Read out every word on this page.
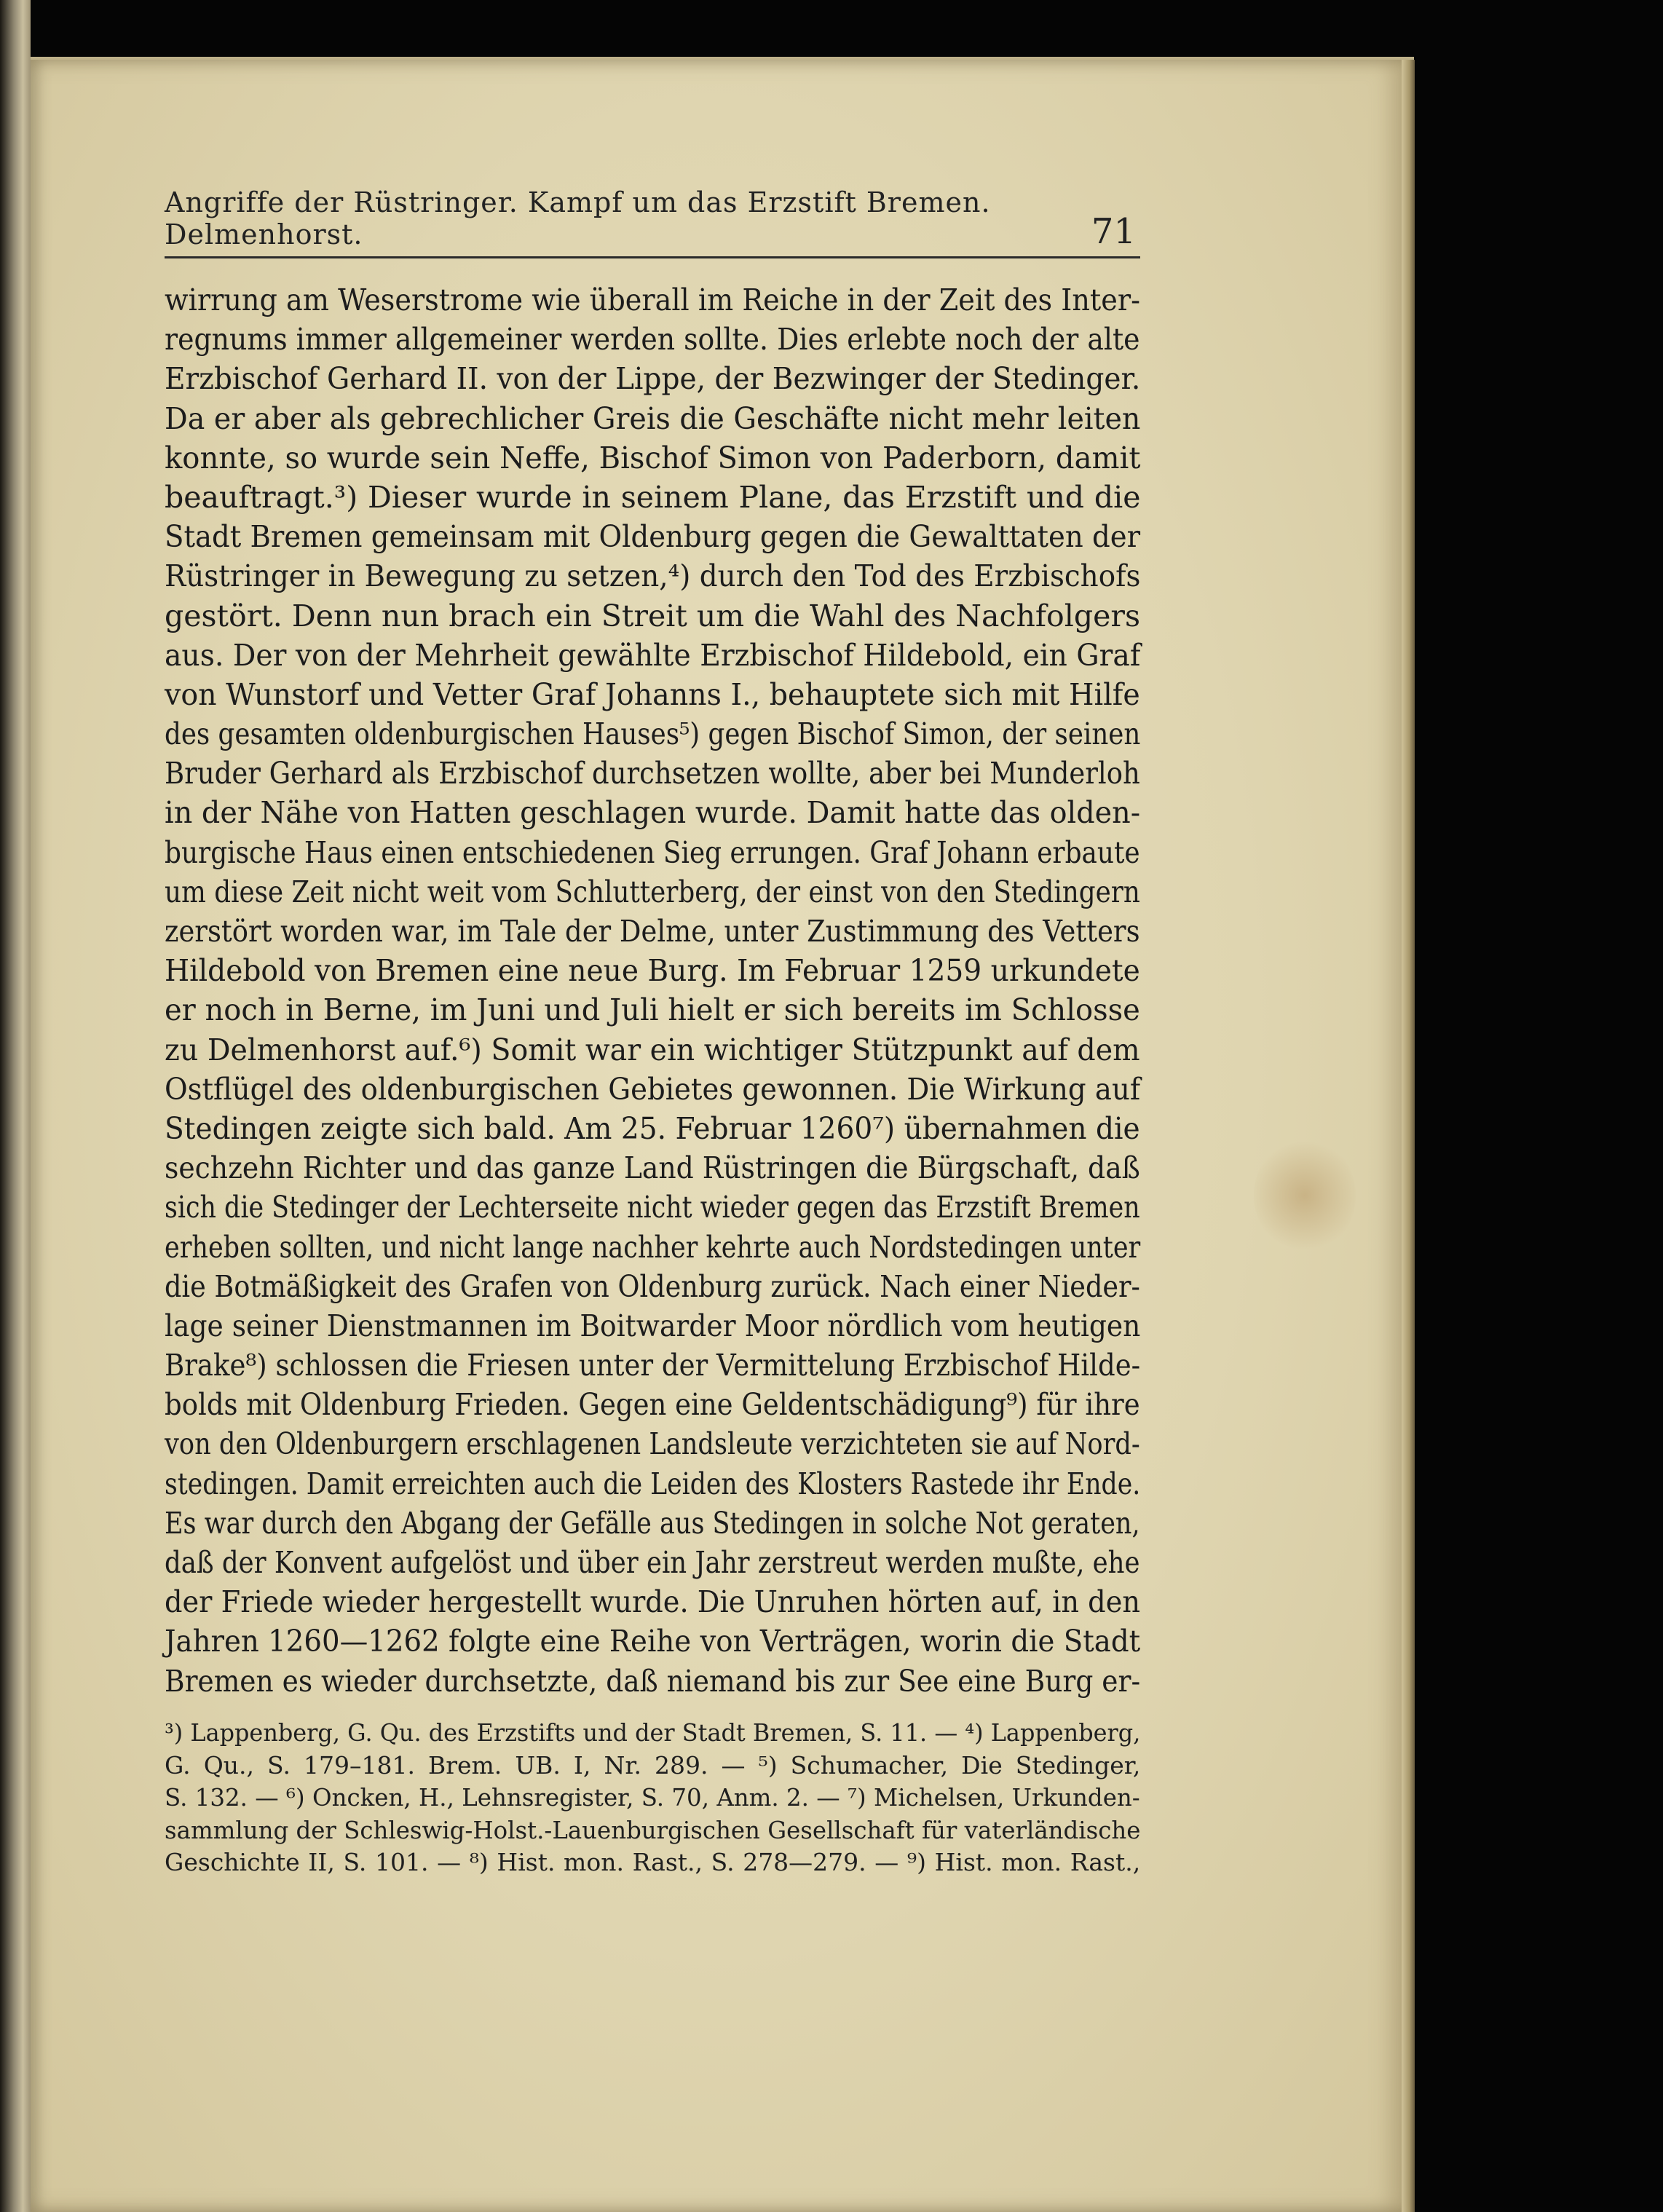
Angriffe der Rüstringer. Kampf um das Erzstift Bremen. Delmenhorst.	71
wirrung am Weserstrome wie überall im Reiche in der Zeit des Inter-
regnums immer allgemeiner werden sollte. Dies erlebte noch der alte
Erzbischof Gerhard II. von der Lippe, der Bezwinger der Stedinger.
Da er aber als gebrechlicher Greis die Geschäfte nicht mehr leiten
konnte, so wurde sein Neffe, Bischof Simon von Paderborn, damit
beauftragt.³) Dieser wurde in seinem Plane, das Erzstift und die
Stadt Bremen gemeinsam mit Oldenburg gegen die Gewalttaten der
Rüstringer in Bewegung zu setzen,⁴) durch den Tod des Erzbischofs
gestört. Denn nun brach ein Streit um die Wahl des Nachfolgers
aus. Der von der Mehrheit gewählte Erzbischof Hildebold, ein Graf
von Wunstorf und Vetter Graf Johanns I., behauptete sich mit Hilfe
des gesamten oldenburgischen Hauses⁵) gegen Bischof Simon, der seinen
Bruder Gerhard als Erzbischof durchsetzen wollte, aber bei Munderloh
in der Nähe von Hatten geschlagen wurde. Damit hatte das olden-
burgische Haus einen entschiedenen Sieg errungen. Graf Johann erbaute
um diese Zeit nicht weit vom Schlutterberg, der einst von den Stedingern
zerstört worden war, im Tale der Delme, unter Zustimmung des Vetters
Hildebold von Bremen eine neue Burg. Im Februar 1259 urkundete
er noch in Berne, im Juni und Juli hielt er sich bereits im Schlosse
zu Delmenhorst auf.⁶) Somit war ein wichtiger Stützpunkt auf dem
Ostflügel des oldenburgischen Gebietes gewonnen. Die Wirkung auf
Stedingen zeigte sich bald. Am 25. Februar 1260⁷) übernahmen die
sechzehn Richter und das ganze Land Rüstringen die Bürgschaft, daß
sich die Stedinger der Lechterseite nicht wieder gegen das Erzstift Bremen
erheben sollten, und nicht lange nachher kehrte auch Nordstedingen unter
die Botmäßigkeit des Grafen von Oldenburg zurück. Nach einer Nieder-
lage seiner Dienstmannen im Boitwarder Moor nördlich vom heutigen
Brake⁸) schlossen die Friesen unter der Vermittelung Erzbischof Hilde-
bolds mit Oldenburg Frieden. Gegen eine Geldentschädigung⁹) für ihre
von den Oldenburgern erschlagenen Landsleute verzichteten sie auf Nord-
stedingen. Damit erreichten auch die Leiden des Klosters Rastede ihr Ende.
Es war durch den Abgang der Gefälle aus Stedingen in solche Not geraten,
daß der Konvent aufgelöst und über ein Jahr zerstreut werden mußte, ehe
der Friede wieder hergestellt wurde. Die Unruhen hörten auf, in den
Jahren 1260—1262 folgte eine Reihe von Verträgen, worin die Stadt
Bremen es wieder durchsetzte, daß niemand bis zur See eine Burg er-
³) Lappenberg, G. Qu. des Erzstifts und der Stadt Bremen, S. 11. — ⁴) Lappenberg,
G. Qu., S. 179–181. Brem. UB. I, Nr. 289. — ⁵) Schumacher, Die Stedinger,
S. 132. — ⁶) Oncken, H., Lehnsregister, S. 70, Anm. 2. — ⁷) Michelsen, Urkunden-
sammlung der Schleswig-Holst.-Lauenburgischen Gesellschaft für vaterländische
Geschichte II, S. 101. — ⁸) Hist. mon. Rast., S. 278—279. — ⁹) Hist. mon. Rast.,
